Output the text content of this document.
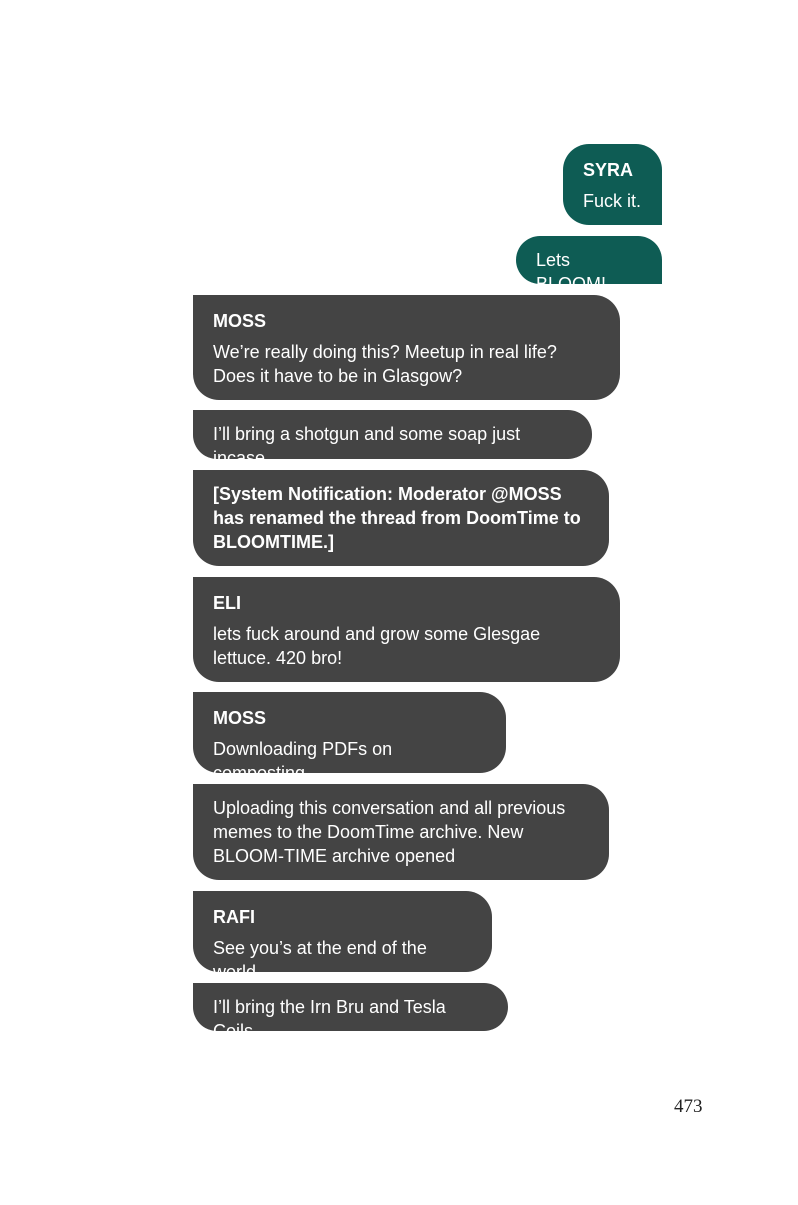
SYRA
Fuck it.
Lets BLOOM!
MOSS
We’re really doing this? Meetup in real life? Does it have to be in Glasgow?
I’ll bring a shotgun and some soap just incase
[System Notification: Moderator @MOSS has renamed the thread from DoomTime to BLOOMTIME.]
ELI
lets fuck around and grow some Glesgae lettuce. 420 bro!
MOSS
Downloading PDFs on composting
Uploading this conversation and all previous memes to the DoomTime archive. New BLOOM-TIME archive opened
RAFI
See you’s at the end of the world
I’ll bring the Irn Bru and Tesla Coils
473
